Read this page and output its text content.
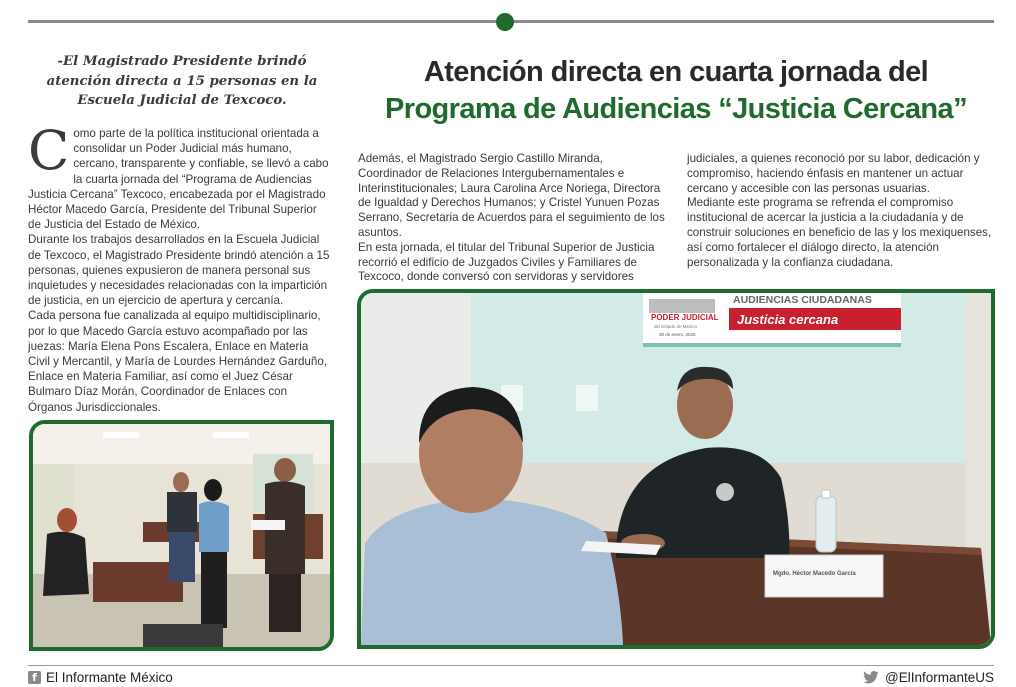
-El Magistrado Presidente brindó atención directa a 15 personas en la Escuela Judicial de Texcoco.

Como parte de la política institucional orientada a consolidar un Poder Judicial más humano, cercano, transparente y confiable, se llevó a cabo la cuarta jornada del “Programa de Audiencias Justicia Cercana” Texcoco, encabezada por el Magistrado Héctor Macedo García, Presidente del Tribunal Superior de Justicia del Estado de México.

Durante los trabajos desarrollados en la Escuela Judicial de Texcoco, el Magistrado Presidente brindó atención a 15 personas, quienes expusieron de manera personal sus inquietudes y necesidades relacionadas con la impartición de justicia, en un ejercicio de apertura y cercanía.

Cada persona fue canalizada al equipo multidisciplinario, por lo que Macedo García estuvo acompañado por las juezas: María Elena Pons Escalera, Enlace en Materia Civil y Mercantil, y María de Lourdes Hernández Garduño, Enlace en Materia Familiar, así como el Juez César Bulmaro Díaz Morán, Coordinador de Enlaces con Órganos Jurisdiccionales.

Atención directa en cuarta jornada del
Programa de Audiencias “Justicia Cercana”

Además, el Magistrado Sergio Castillo Miranda, Coordinador de Relaciones Intergubernamentales e Interinstitucionales; Laura Carolina Arce Noriega, Directora de Igualdad y Derechos Humanos; y Cristel Yunuen Pozas Serrano, Secretaria de Acuerdos para el seguimiento de los asuntos.

En esta jornada, el titular del Tribunal Superior de Justicia recorrió el edificio de Juzgados Civiles y Familiares de Texcoco, donde conversó con servidoras y servidores

judiciales, a quienes reconoció por su labor, dedicación y compromiso, haciendo énfasis en mantener un actuar cercano y accesible con las personas usuarias.

Mediante este programa se refrenda el compromiso institucional de acercar la justicia a la ciudadanía y de construir soluciones en beneficio de las y los mexiquenses, así como fortalecer el diálogo directo, la atención personalizada y la confianza ciudadana.

PODER JUDICIAL
del Estado de México
30 de enero, 2026
AUDIENCIAS CIUDADANAS
Justicia cercana
Mgdo. Héctor Macedo García
f El Informante México	@ElInformanteUS
